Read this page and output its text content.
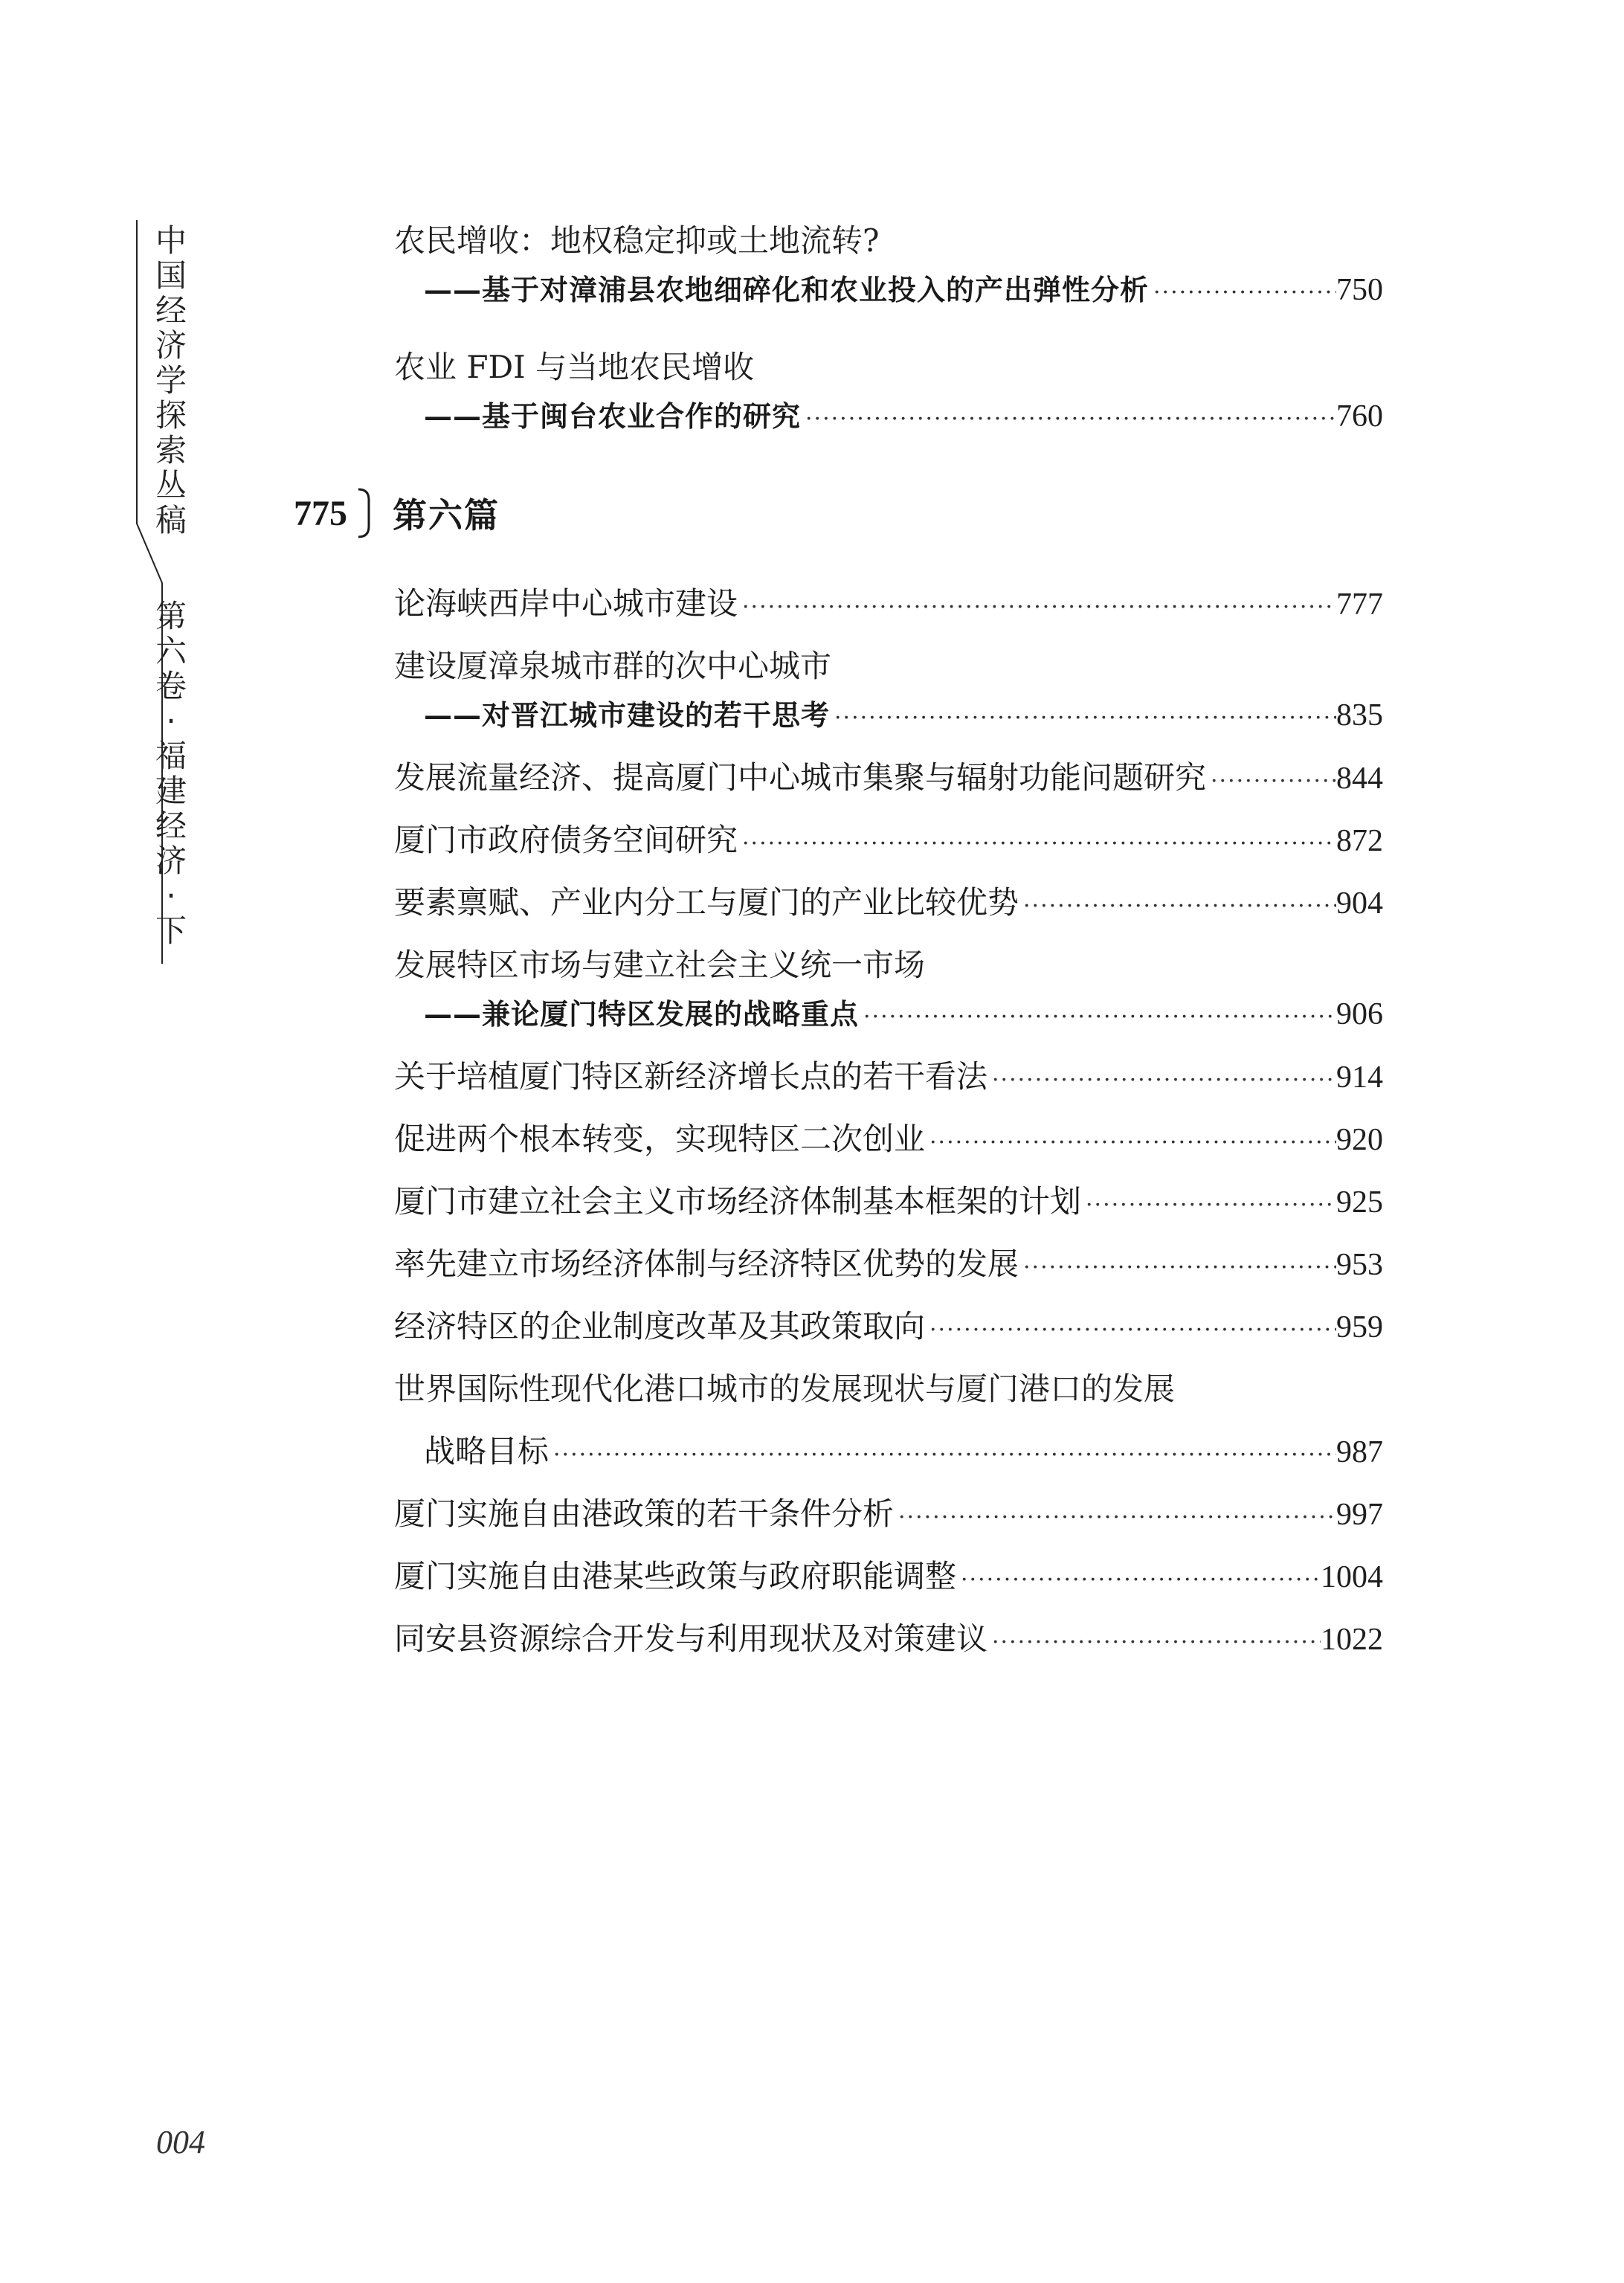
中
国
经
济
学
探
索
丛
稿
第
六
卷
·
福
建
经
济
·
下
农民增收：地权稳定抑或土地流转?
——基于对漳浦县农地细碎化和农业投入的产出弹性分析 ·····	750
农业 FDI 与当地农民增收
——基于闽台农业合作的研究 ·····	760
775 第六篇
论海峡西岸中心城市建设 ·····	777
建设厦漳泉城市群的次中心城市
——对晋江城市建设的若干思考 ·····	835
发展流量经济、提高厦门中心城市集聚与辐射功能问题研究 ·····	844
厦门市政府债务空间研究 ·····	872
要素禀赋、产业内分工与厦门的产业比较优势 ·····	904
发展特区市场与建立社会主义统一市场
——兼论厦门特区发展的战略重点 ·····	906
关于培植厦门特区新经济增长点的若干看法 ·····	914
促进两个根本转变，实现特区二次创业 ·····	920
厦门市建立社会主义市场经济体制基本框架的计划 ·····	925
率先建立市场经济体制与经济特区优势的发展 ·····	953
经济特区的企业制度改革及其政策取向 ·····	959
世界国际性现代化港口城市的发展现状与厦门港口的发展
战略目标 ·····	987
厦门实施自由港政策的若干条件分析 ·····	997
厦门实施自由港某些政策与政府职能调整 ·····	1004
同安县资源综合开发与利用现状及对策建议 ·····	1022
004
